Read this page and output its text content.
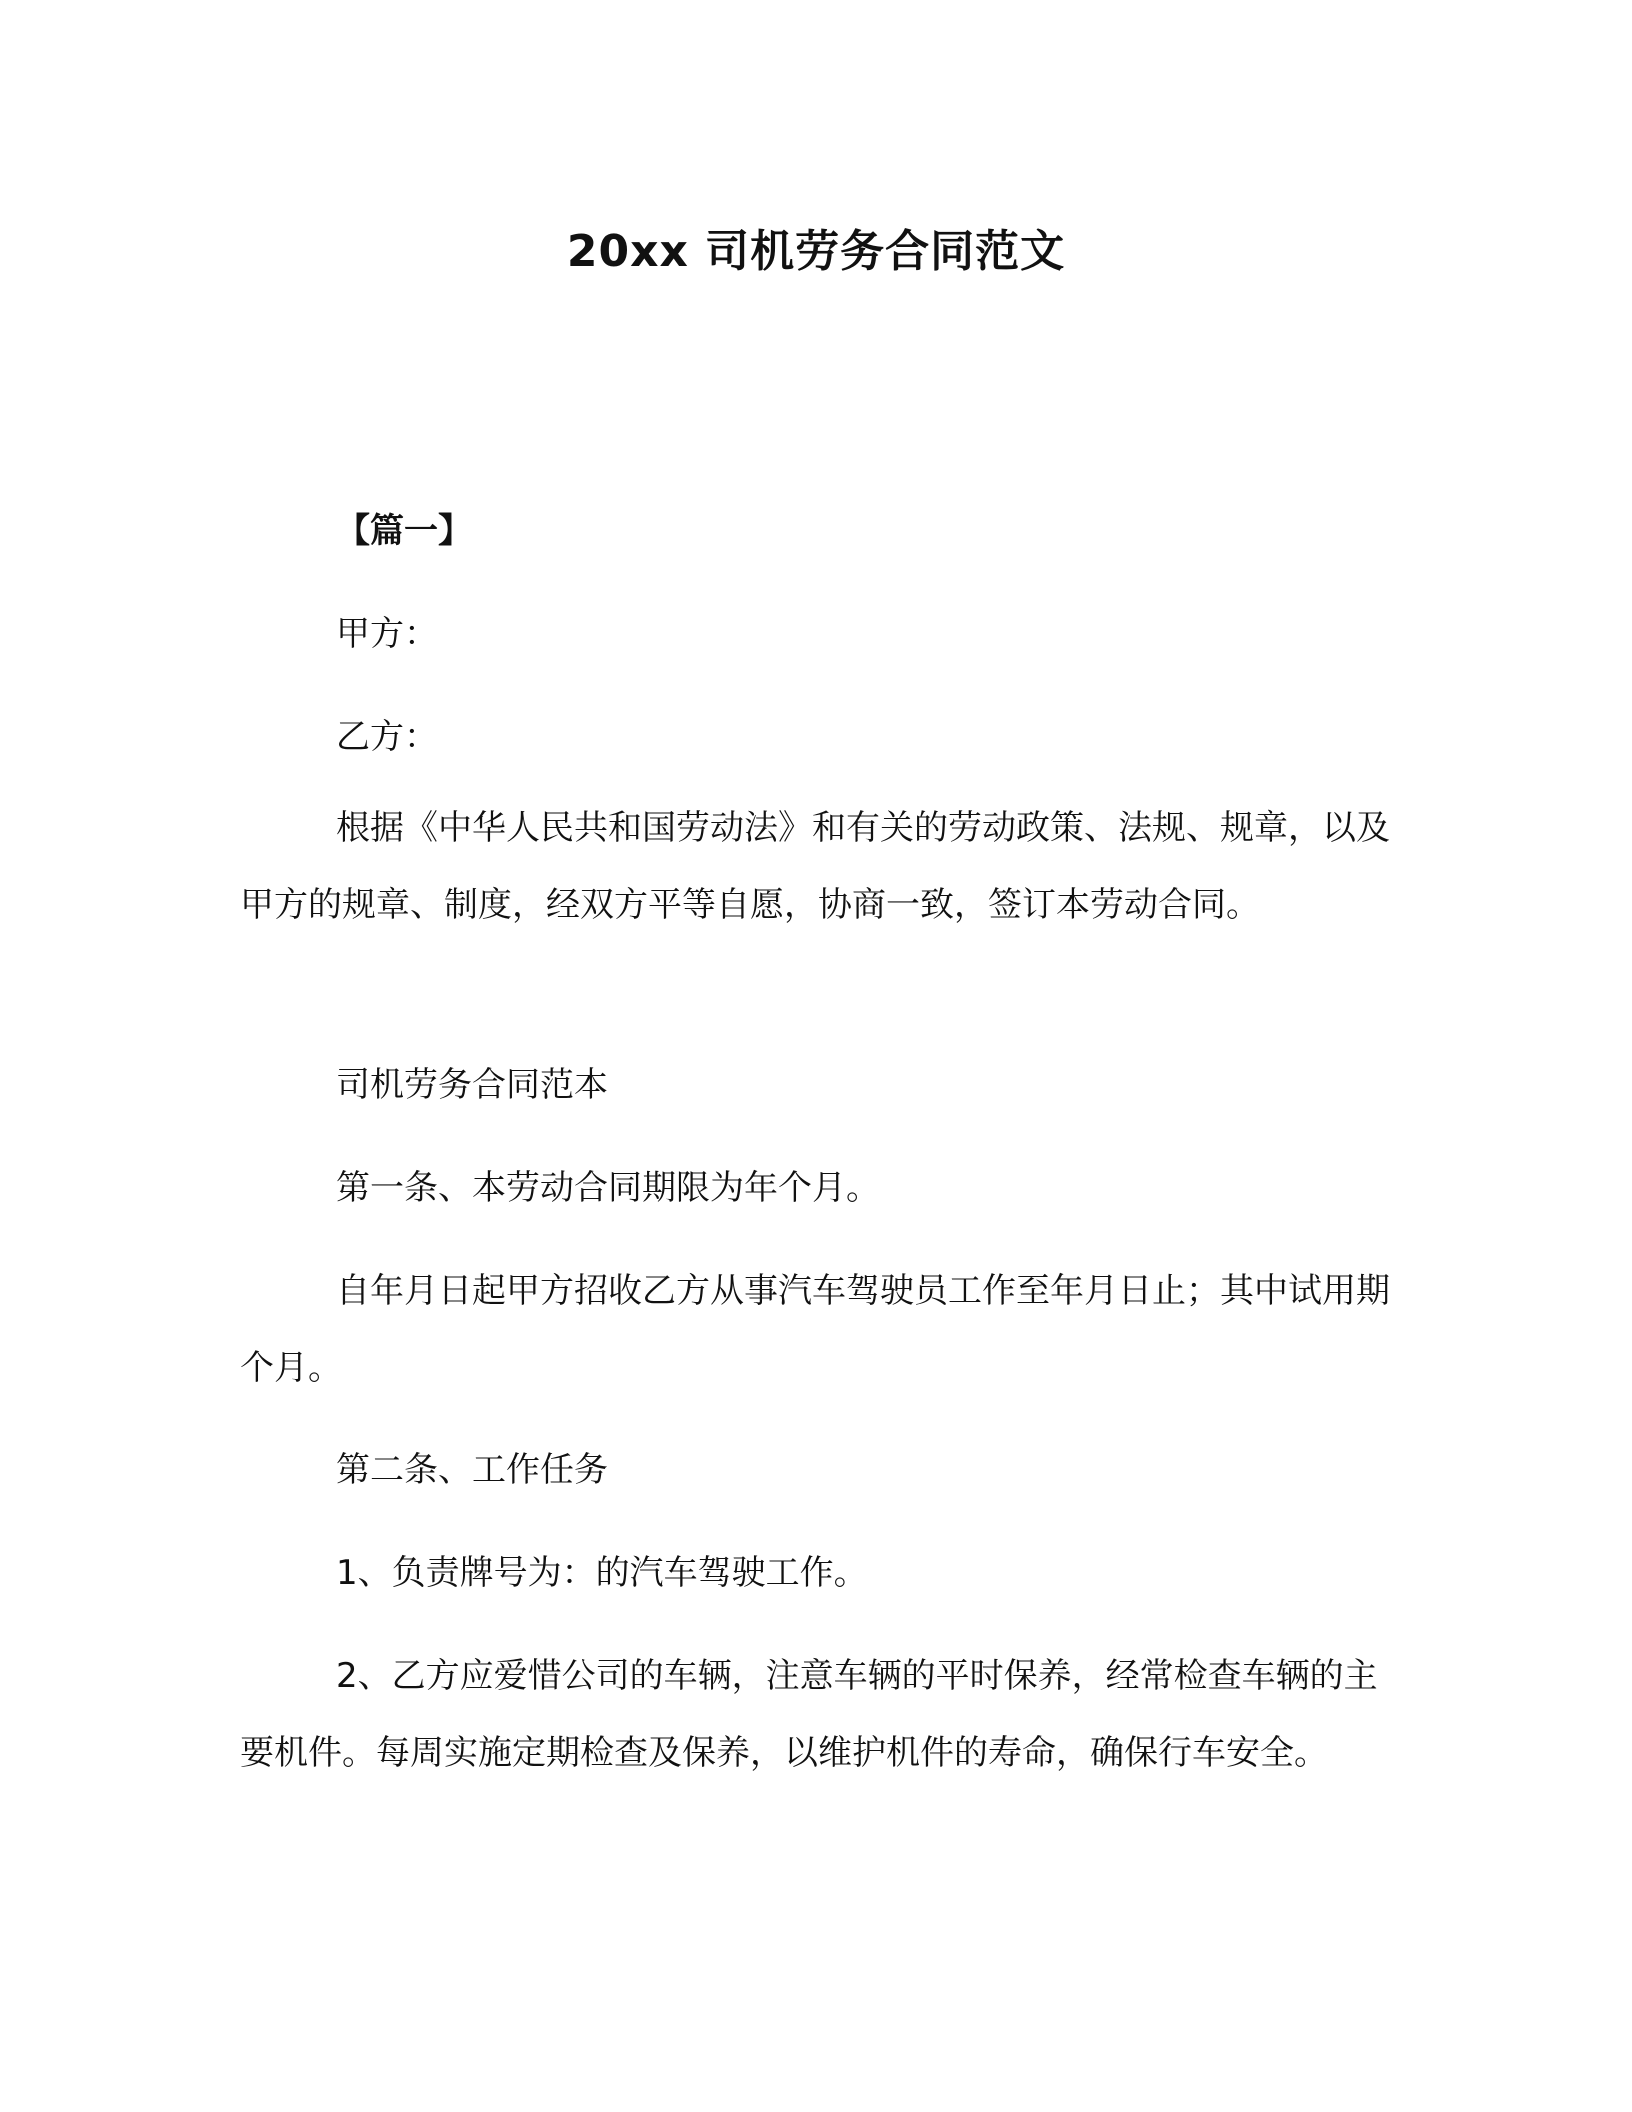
20xx 司机劳务合同范文

【篇一】

甲方：

乙方：

根据《中华人民共和国劳动法》和有关的劳动政策、法规、规章，以及甲方的规章、制度，经双方平等自愿，协商一致，签订本劳动合同。

司机劳务合同范本

第一条、本劳动合同期限为年个月。

自年月日起甲方招收乙方从事汽车驾驶员工作至年月日止；其中试用期个月。

第二条、工作任务

1、负责牌号为：的汽车驾驶工作。

2、乙方应爱惜公司的车辆，注意车辆的平时保养，经常检查车辆的主要机件。每周实施定期检查及保养，以维护机件的寿命，确保行车安全。
